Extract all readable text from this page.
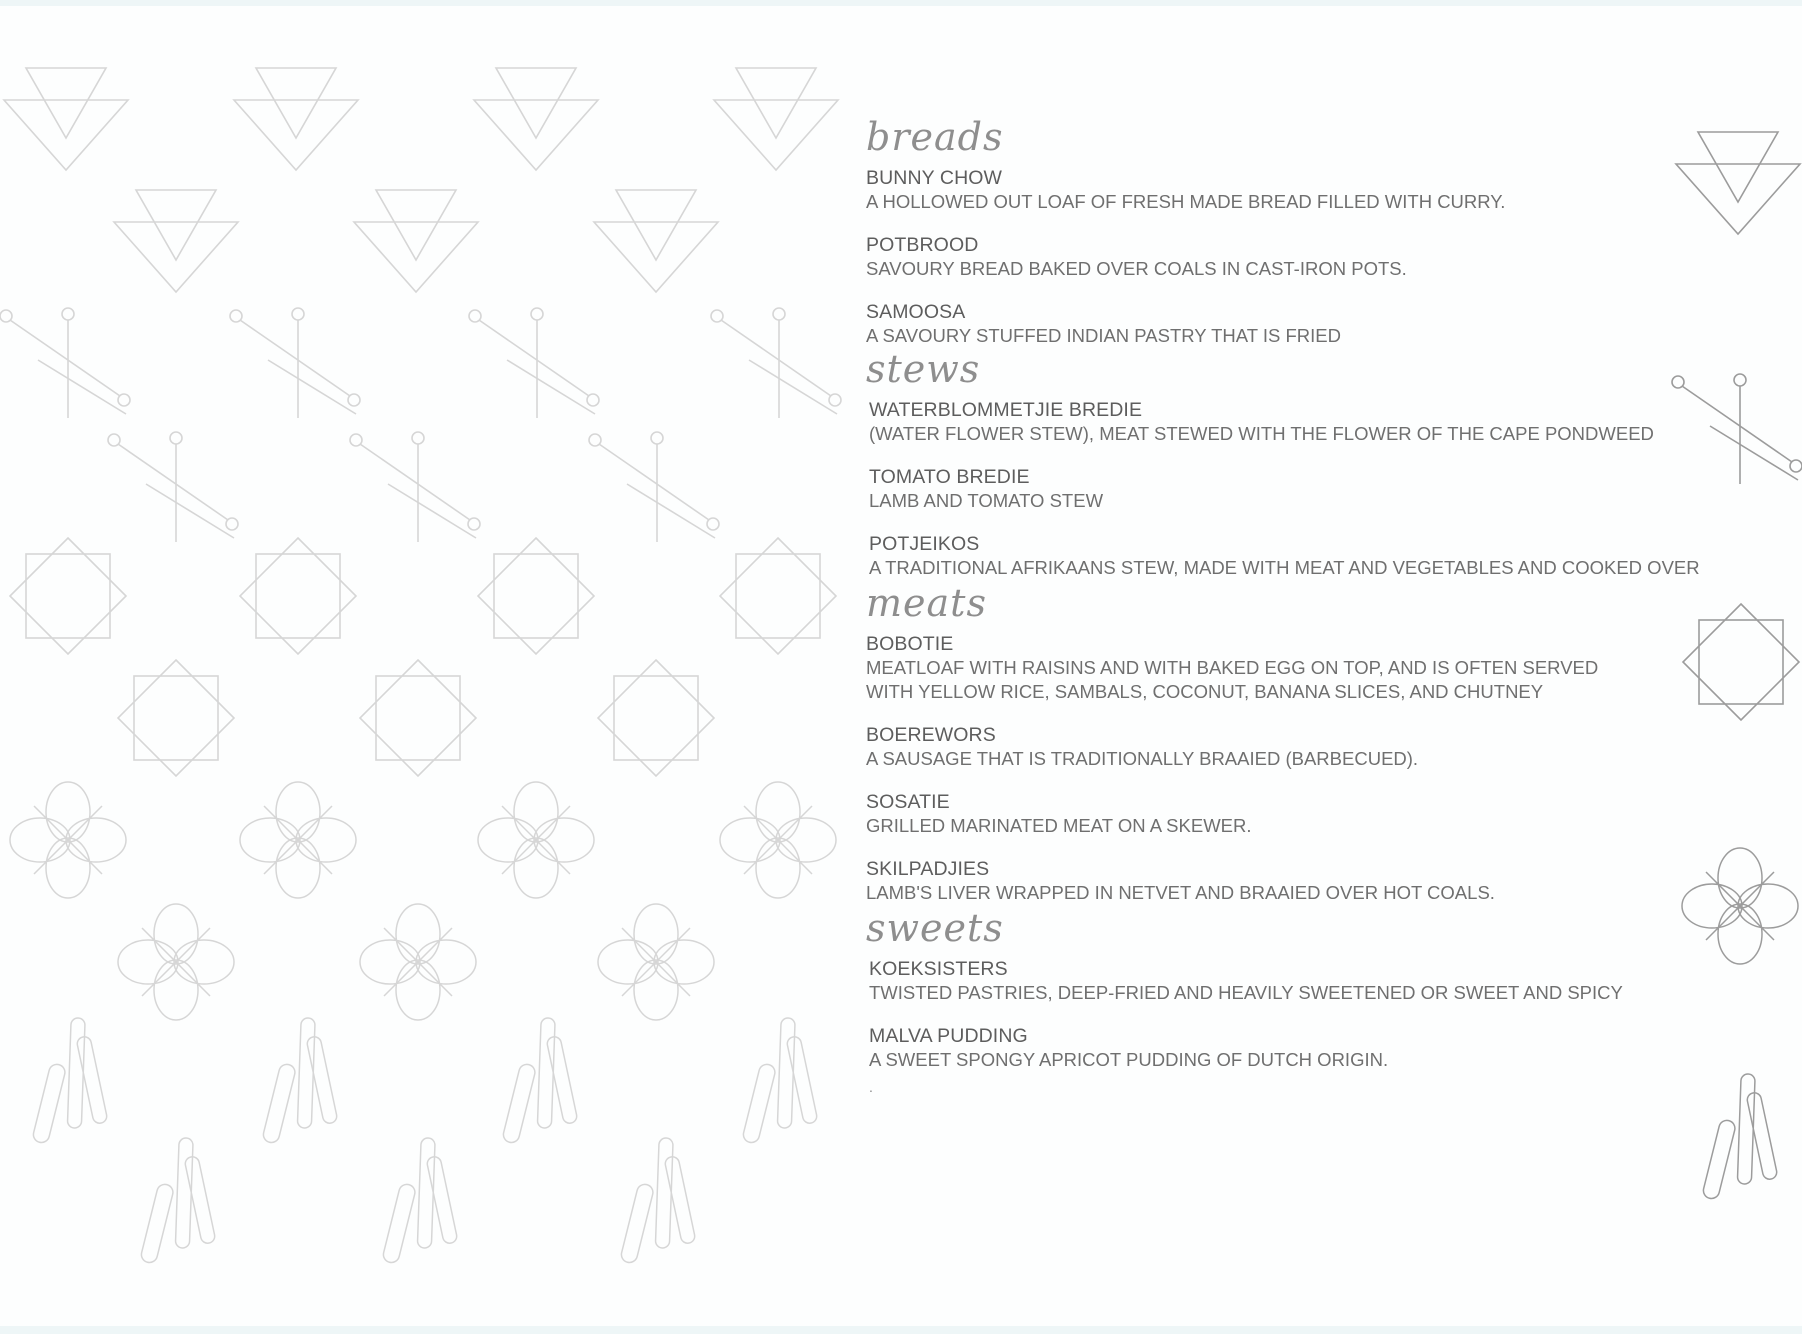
breads
BUNNY CHOW
A HOLLOWED OUT LOAF OF FRESH MADE BREAD FILLED WITH CURRY.
POTBROOD
SAVOURY BREAD BAKED OVER COALS IN CAST-IRON POTS.
SAMOOSA
A SAVOURY STUFFED INDIAN PASTRY THAT IS FRIED
stews
WATERBLOMMETJIE BREDIE
(WATER FLOWER STEW), MEAT STEWED WITH THE FLOWER OF THE CAPE PONDWEED
TOMATO BREDIE
LAMB AND TOMATO STEW
POTJEIKOS
A TRADITIONAL AFRIKAANS STEW, MADE WITH MEAT AND VEGETABLES AND COOKED OVER
meats
BOBOTIE
MEATLOAF WITH RAISINS AND WITH BAKED EGG ON TOP, AND IS OFTEN SERVED WITH YELLOW RICE, SAMBALS, COCONUT, BANANA SLICES, AND CHUTNEY
BOEREWORS
A SAUSAGE THAT IS TRADITIONALLY BRAAIED (BARBECUED).
SOSATIE
GRILLED MARINATED MEAT ON A SKEWER.
SKILPADJIES
LAMB'S LIVER WRAPPED IN NETVET AND BRAAIED OVER HOT COALS.
sweets
KOEKSISTERS
TWISTED PASTRIES, DEEP-FRIED AND HEAVILY SWEETENED OR SWEET AND SPICY
MALVA PUDDING
A SWEET SPONGY APRICOT PUDDING OF DUTCH ORIGIN.
.
